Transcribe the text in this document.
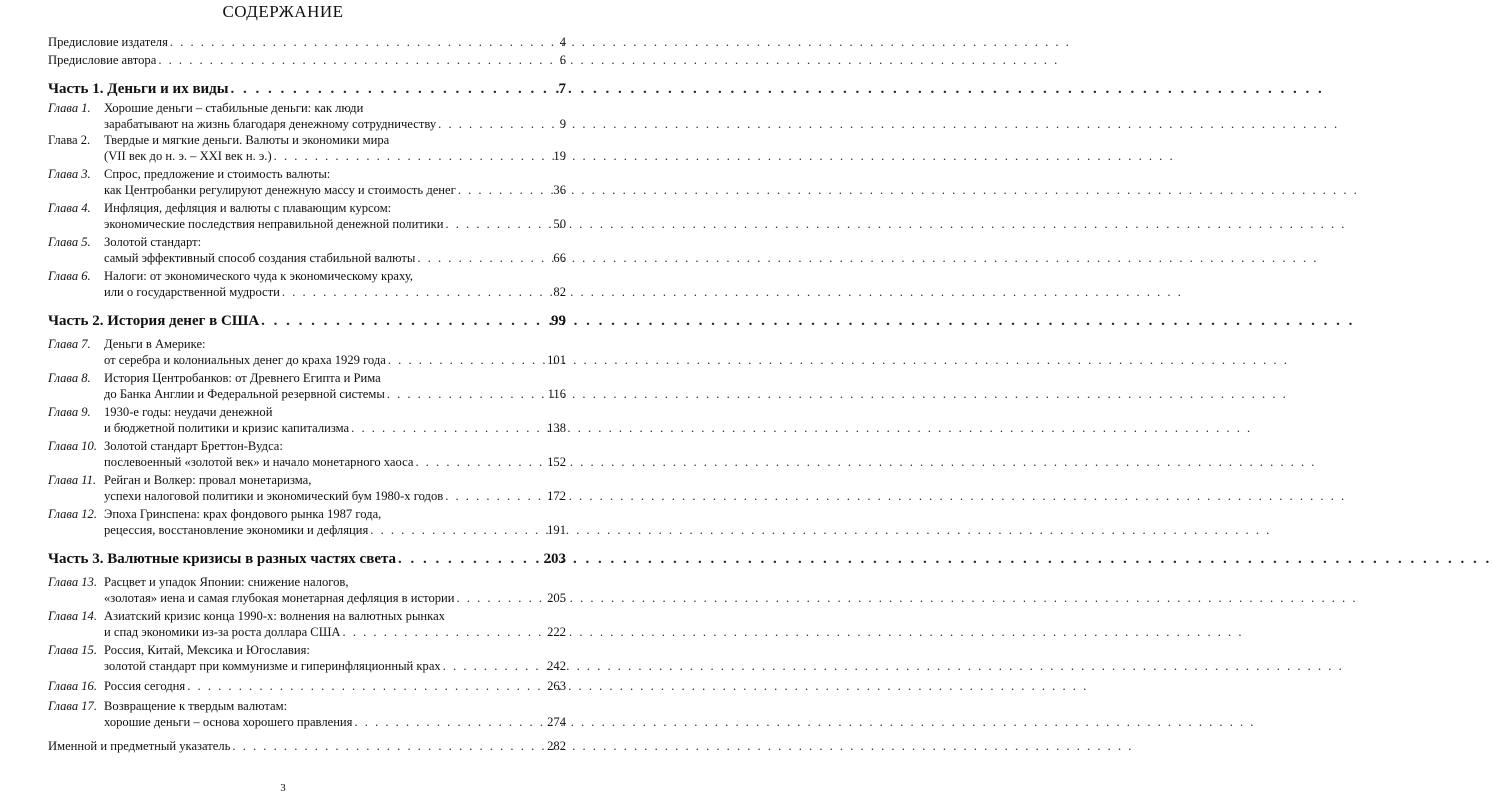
СОДЕРЖАНИЕ
Предисловие издателя . . .	4
Предисловие автора . . .	6
Часть 1. Деньги и их виды . . .	7
Глава 1.	Хорошие деньги – стабильные деньги: как люди
зарабатывают на жизнь благодаря денежному сотрудничеству . . .	9
Глава 2.	Твердые и мягкие деньги. Валюты и экономики мира
(VII век до н. э. – XXI век н. э.) . . .	19
Глава 3.	Спрос, предложение и стоимость валюты:
как Центробанки регулируют денежную массу и стоимость денег . . .	36
Глава 4.	Инфляция, дефляция и валюты с плавающим курсом:
экономические последствия неправильной денежной политики . . .	50
Глава 5.	Золотой стандарт:
самый эффективный способ создания стабильной валюты . . .	66
Глава 6.	Налоги: от экономического чуда к экономическому краху,
или о государственной мудрости . . .	82
Часть 2. История денег в США . . .	99
Глава 7.	Деньги в Америке:
от серебра и колониальных денег до краха 1929 года . . .	101
Глава 8.	История Центробанков: от Древнего Египта и Рима
до Банка Англии и Федеральной резервной системы . . .	116
Глава 9.	1930-е годы: неудачи денежной
и бюджетной политики и кризис капитализма . . .	138
Глава 10. Золотой стандарт Бреттон-Вудса:
послевоенный «золотой век» и начало монетарного хаоса . . .	152
Глава 11. Рейган и Волкер: провал монетаризма,
успехи налоговой политики и экономический бум 1980-х годов . . .	172
Глава 12. Эпоха Гринспена: крах фондового рынка 1987 года,
рецессия, восстановление экономики и дефляция . . .	191
Часть 3. Валютные кризисы в разных частях света . . .	203
Глава 13. Расцвет и упадок Японии: снижение налогов,
«золотая» иена и самая глубокая монетарная дефляция в истории . . .	205
Глава 14. Азиатский кризис конца 1990-х: волнения на валютных рынках
и спад экономики из-за роста доллара США . . .	222
Глава 15. Россия, Китай, Мексика и Югославия:
золотой стандарт при коммунизме и гиперинфляционный крах . . .	242
Глава 16. Россия сегодня . . .	263
Глава 17. Возвращение к твердым валютам:
хорошие деньги – основа хорошего правления . . .	274
Именной и предметный указатель . . .	282
3
